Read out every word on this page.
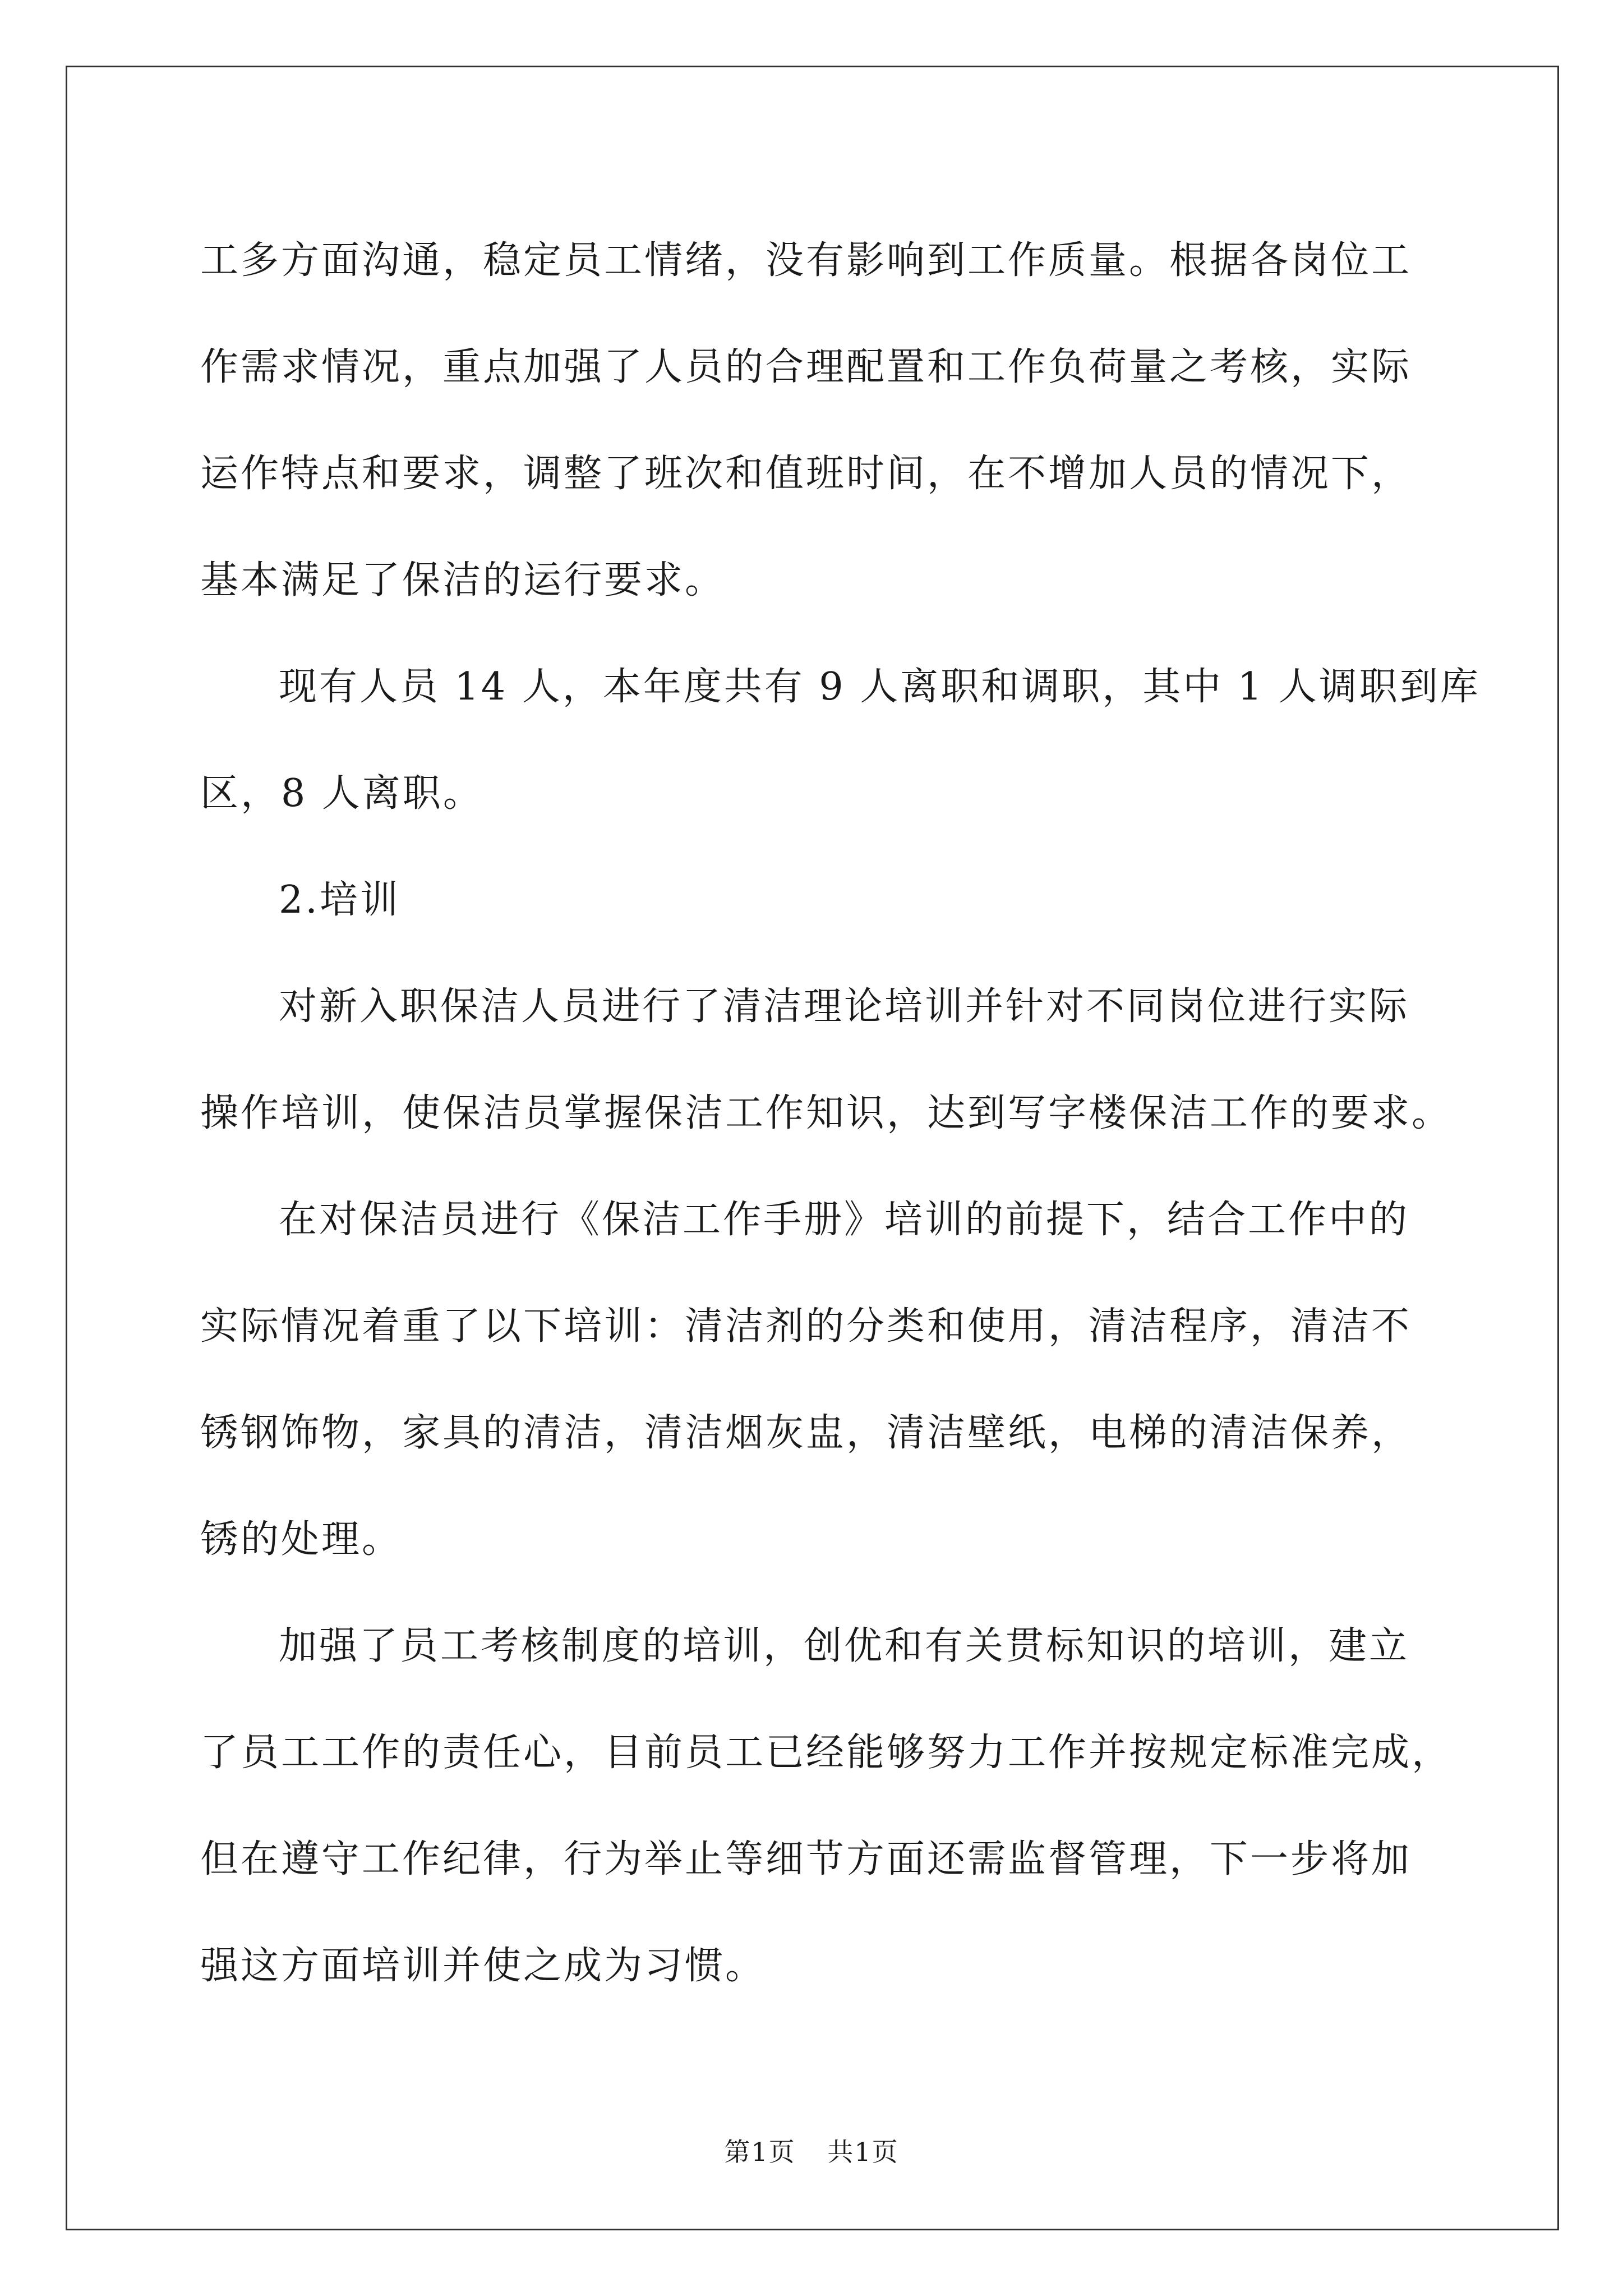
工多方面沟通，稳定员工情绪，没有影响到工作质量。根据各岗位工
作需求情况，重点加强了人员的合理配置和工作负荷量之考核，实际
运作特点和要求，调整了班次和值班时间，在不增加人员的情况下，
基本满足了保洁的运行要求。
现有人员 14 人，本年度共有 9 人离职和调职，其中 1 人调职到库
区，8 人离职。
2.培训
对新入职保洁人员进行了清洁理论培训并针对不同岗位进行实际
操作培训，使保洁员掌握保洁工作知识，达到写字楼保洁工作的要求。
在对保洁员进行《保洁工作手册》培训的前提下，结合工作中的
实际情况着重了以下培训：清洁剂的分类和使用，清洁程序，清洁不
锈钢饰物，家具的清洁，清洁烟灰盅，清洁壁纸，电梯的清洁保养，
锈的处理。
加强了员工考核制度的培训，创优和有关贯标知识的培训，建立
了员工工作的责任心，目前员工已经能够努力工作并按规定标准完成，
但在遵守工作纪律，行为举止等细节方面还需监督管理，下一步将加
强这方面培训并使之成为习惯。
第1页 共1页
